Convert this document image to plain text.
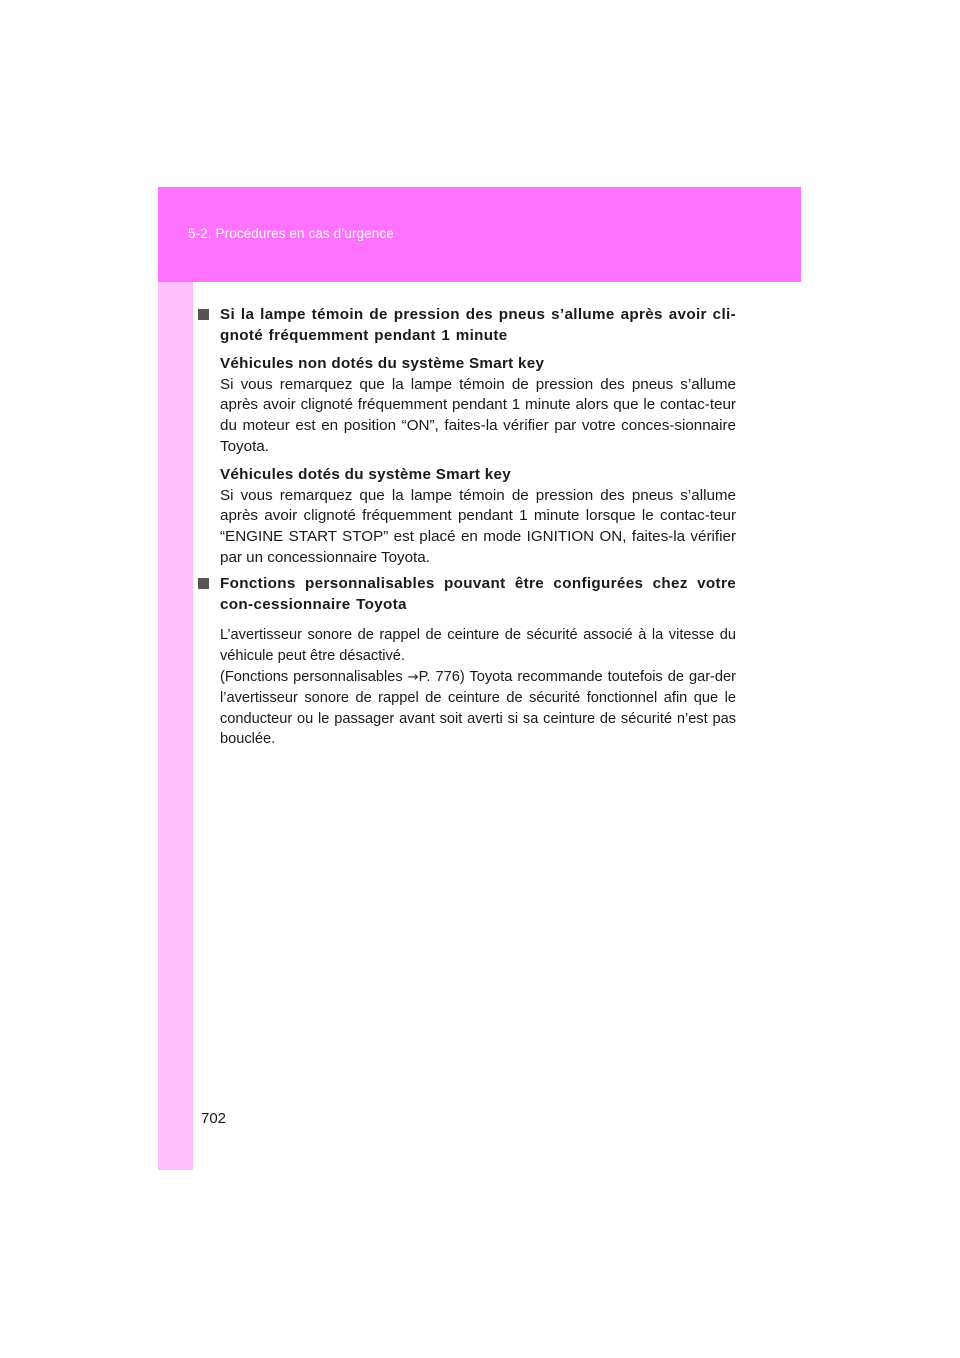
5-2. Procédures en cas d’urgence
Si la lampe témoin de pression des pneus s’allume après avoir cli-gnoté fréquemment pendant 1 minute
Véhicules non dotés du système Smart key
Si vous remarquez que la lampe témoin de pression des pneus s’allume après avoir clignoté fréquemment pendant 1 minute alors que le contac-teur du moteur est en position “ON”, faites-la vérifier par votre conces-sionnaire Toyota.
Véhicules dotés du système Smart key
Si vous remarquez que la lampe témoin de pression des pneus s’allume après avoir clignoté fréquemment pendant 1 minute lorsque le contac-teur “ENGINE START STOP” est placé en mode IGNITION ON, faites-la vérifier par un concessionnaire Toyota.
Fonctions personnalisables pouvant être configurées chez votre con-cessionnaire Toyota
L’avertisseur sonore de rappel de ceinture de sécurité associé à la vitesse du véhicule peut être désactivé.
(Fonctions personnalisables →P. 776) Toyota recommande toutefois de gar-der l’avertisseur sonore de rappel de ceinture de sécurité fonctionnel afin que le conducteur ou le passager avant soit averti si sa ceinture de sécurité n’est pas bouclée.
702
